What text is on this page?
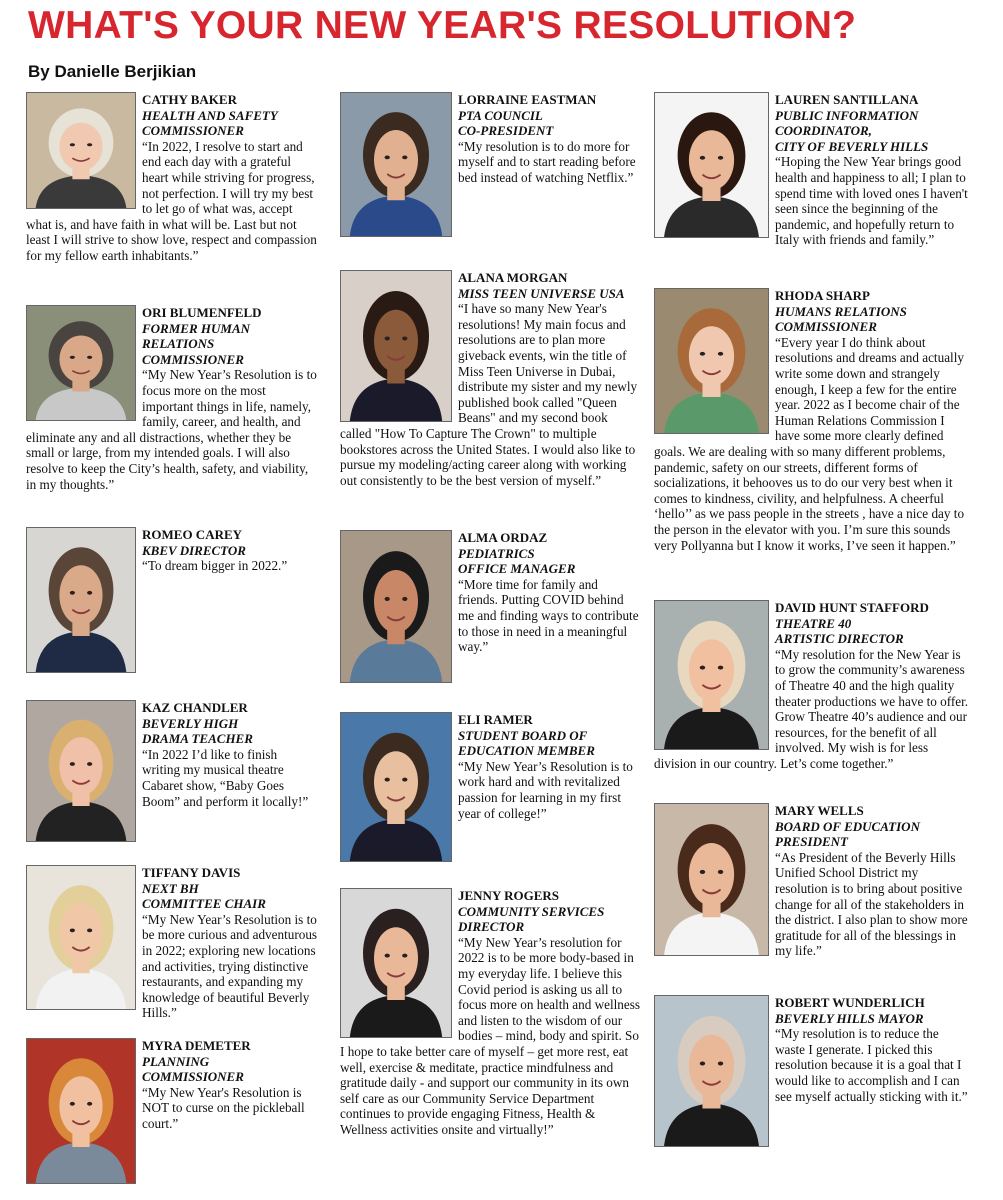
WHAT'S YOUR NEW YEAR'S RESOLUTION?
By Danielle Berjikian
CATHY BAKER
HEALTH AND SAFETY
COMMISSIONER
“In 2022, I resolve to start and end each day with a grateful heart while striving for progress, not perfection. I will try my best to let go of what was, accept what is, and have faith in what will be. Last but not least I will strive to show love, respect and compassion for my fellow earth inhabitants.”
ORI BLUMENFELD
FORMER HUMAN
RELATIONS
COMMISSIONER
“My New Year’s Resolution is to focus more on the most important things in life, namely, family, career, and health, and eliminate any and all distractions, whether they be small or large, from my intended goals. I will also resolve to keep the City’s health, safety, and viability, in my thoughts.”
ROMEO CAREY
KBEV DIRECTOR
“To dream bigger in 2022.”
KAZ CHANDLER
BEVERLY HIGH
DRAMA TEACHER
“In 2022 I’d like to finish writing my musical theatre Cabaret show, “Baby Goes Boom” and perform it locally!”
TIFFANY DAVIS
NEXT BH
COMMITTEE CHAIR
“My New Year’s Resolution is to be more curious and adventurous in 2022; exploring new locations and activities, trying distinctive restaurants, and expanding my knowledge of beautiful Beverly Hills.”
MYRA DEMETER
PLANNING
COMMISSIONER
“My New Year's Resolution is NOT to curse on the pickleball court.”
LORRAINE EASTMAN
PTA COUNCIL
CO-PRESIDENT
“My resolution is to do more for myself and to start reading before bed instead of watching Netflix.”
ALANA MORGAN
MISS TEEN UNIVERSE USA
“I have so many New Year's resolutions! My main focus and resolutions are to plan more giveback events, win the title of Miss Teen Universe in Dubai, distribute my sister and my newly published book called "Queen Beans" and my second book called "How To Capture The Crown" to multiple bookstores across the United States. I would also like to pursue my modeling/acting career along with working out consistently to be the best version of myself.”
ALMA ORDAZ
PEDIATRICS
OFFICE MANAGER
“More time for family and friends. Putting COVID behind me and finding ways to contribute to those in need in a meaningful way.”
ELI RAMER
STUDENT BOARD OF
EDUCATION MEMBER
“My New Year’s Resolution is to work hard and with revitalized passion for learning in my first year of college!”
JENNY ROGERS
COMMUNITY SERVICES
DIRECTOR
“My New Year’s resolution for 2022 is to be more body-based in my everyday life. I believe this Covid period is asking us all to focus more on health and wellness and listen to the wisdom of our bodies – mind, body and spirit. So I hope to take better care of myself – get more rest, eat well, exercise & meditate, practice mindfulness and gratitude daily - and support our community in its own self care as our Community Service Department continues to provide engaging Fitness, Health & Wellness activities onsite and virtually!”
LAUREN SANTILLANA
PUBLIC INFORMATION
COORDINATOR,
CITY OF BEVERLY HILLS
“Hoping the New Year brings good health and happiness to all; I plan to spend time with loved ones I haven't seen since the beginning of the pandemic, and hopefully return to Italy with friends and family.”
RHODA SHARP
HUMANS RELATIONS
COMMISSIONER
“Every year I do think about resolutions and dreams and actually write some down and strangely enough, I keep a few for the entire year. 2022 as I become chair of the Human Relations Commission I have some more clearly defined goals. We are dealing with so many different problems, pandemic, safety on our streets, different forms of socializations, it behooves us to do our very best when it comes to kindness, civility, and helpfulness. A cheerful ‘hello’’ as we pass people in the streets , have a nice day to the person in the elevator with you. I’m sure this sounds very Pollyanna but I know it works, I’ve seen it happen.”
DAVID HUNT STAFFORD
THEATRE 40
ARTISTIC DIRECTOR
“My resolution for the New Year is to grow the community’s awareness of Theatre 40 and the high quality theater productions we have to offer. Grow Theatre 40’s audience and our resources, for the benefit of all involved. My wish is for less division in our country. Let’s come together.”
MARY WELLS
BOARD OF EDUCATION
PRESIDENT
“As President of the Beverly Hills Unified School District my resolution is to bring about positive change for all of the stakeholders in the district. I also plan to show more gratitude for all of the blessings in my life.”
ROBERT WUNDERLICH
BEVERLY HILLS MAYOR
“My resolution is to reduce the waste I generate. I picked this resolution because it is a goal that I would like to accomplish and I can see myself actually sticking with it.”
